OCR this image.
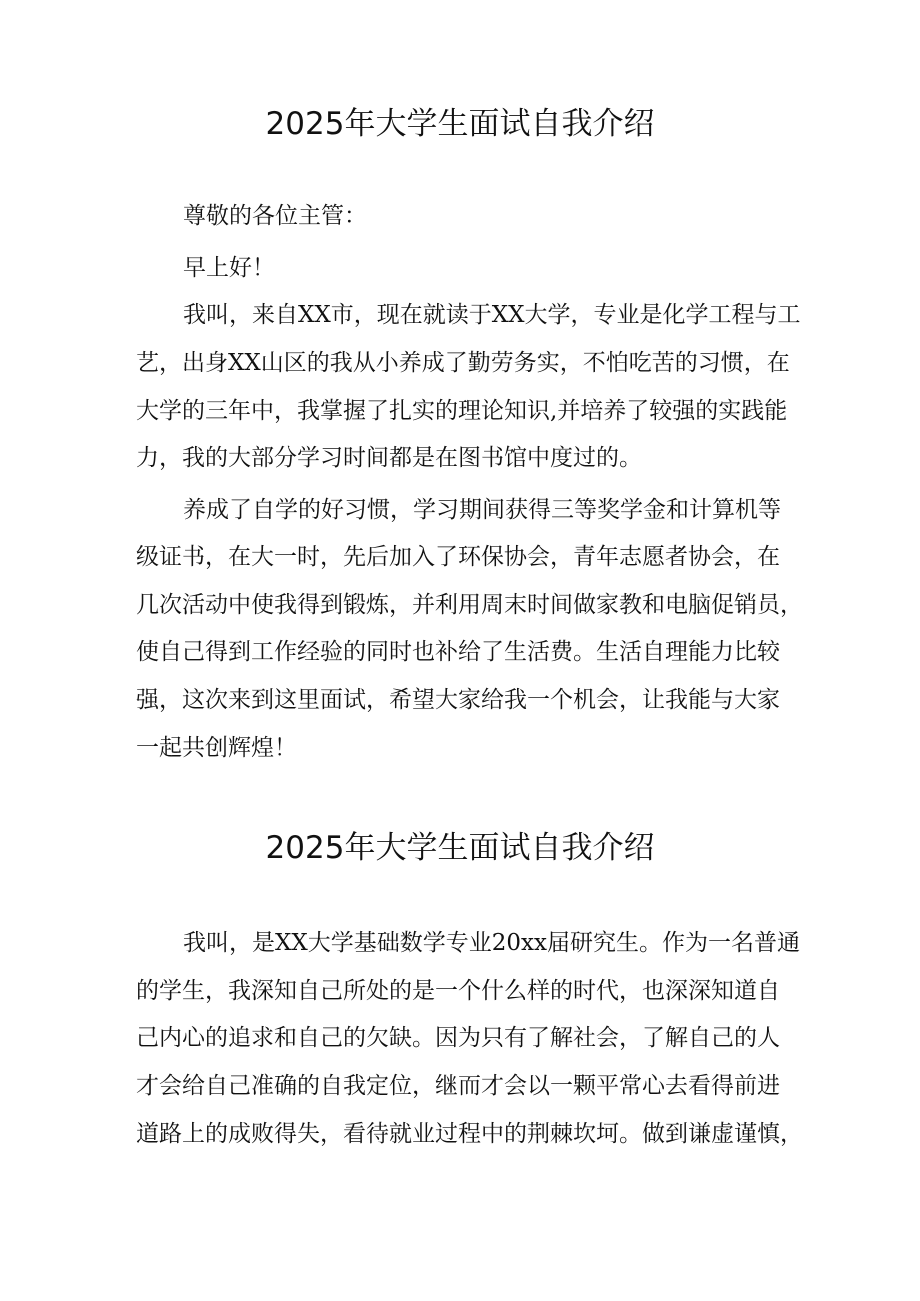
2025年大学生面试自我介绍
尊敬的各位主管：
早上好！
我叫，来自XX市，现在就读于XX大学，专业是化学工程与工
艺，出身XX山区的我从小养成了勤劳务实，不怕吃苦的习惯，在
大学的三年中，我掌握了扎实的理论知识,并培养了较强的实践能
力，我的大部分学习时间都是在图书馆中度过的。
养成了自学的好习惯，学习期间获得三等奖学金和计算机等
级证书，在大一时，先后加入了环保协会，青年志愿者协会，在
几次活动中使我得到锻炼，并利用周末时间做家教和电脑促销员，
使自己得到工作经验的同时也补给了生活费。生活自理能力比较
强，这次来到这里面试，希望大家给我一个机会，让我能与大家
一起共创辉煌！
2025年大学生面试自我介绍
我叫，是XX大学基础数学专业20xx届研究生。作为一名普通
的学生，我深知自己所处的是一个什么样的时代，也深深知道自
己内心的追求和自己的欠缺。因为只有了解社会，了解自己的人
才会给自己准确的自我定位，继而才会以一颗平常心去看得前进
道路上的成败得失，看待就业过程中的荆棘坎坷。做到谦虚谨慎，
